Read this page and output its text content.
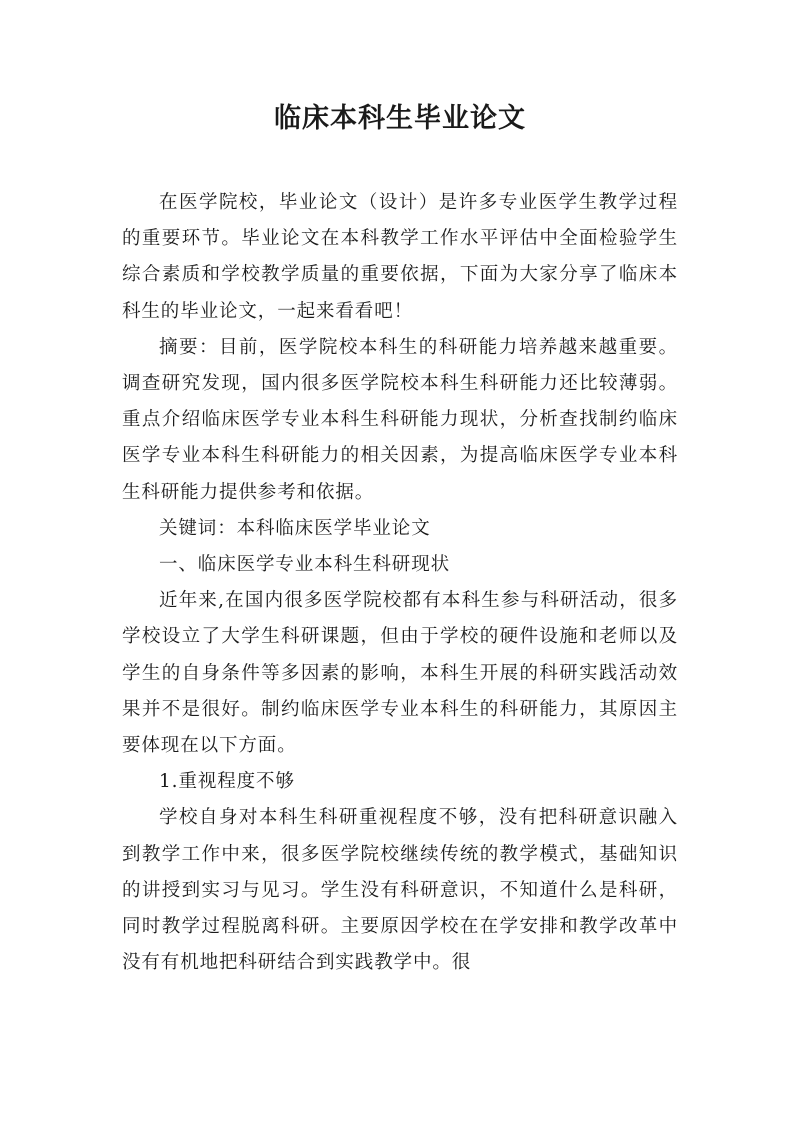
临床本科生毕业论文

在医学院校，毕业论文（设计）是许多专业医学生教学过程的重要环节。毕业论文在本科教学工作水平评估中全面检验学生综合素质和学校教学质量的重要依据，下面为大家分享了临床本科生的毕业论文，一起来看看吧！

摘要：目前，医学院校本科生的科研能力培养越来越重要。调查研究发现，国内很多医学院校本科生科研能力还比较薄弱。重点介绍临床医学专业本科生科研能力现状，分析查找制约临床医学专业本科生科研能力的相关因素，为提高临床医学专业本科生科研能力提供参考和依据。

关键词：本科临床医学毕业论文

一、临床医学专业本科生科研现状

近年来,在国内很多医学院校都有本科生参与科研活动，很多学校设立了大学生科研课题，但由于学校的硬件设施和老师以及学生的自身条件等多因素的影响，本科生开展的科研实践活动效果并不是很好。制约临床医学专业本科生的科研能力，其原因主要体现在以下方面。

1.重视程度不够

学校自身对本科生科研重视程度不够，没有把科研意识融入到教学工作中来，很多医学院校继续传统的教学模式，基础知识的讲授到实习与见习。学生没有科研意识，不知道什么是科研，同时教学过程脱离科研。主要原因学校在在学安排和教学改革中没有有机地把科研结合到实践教学中。很
